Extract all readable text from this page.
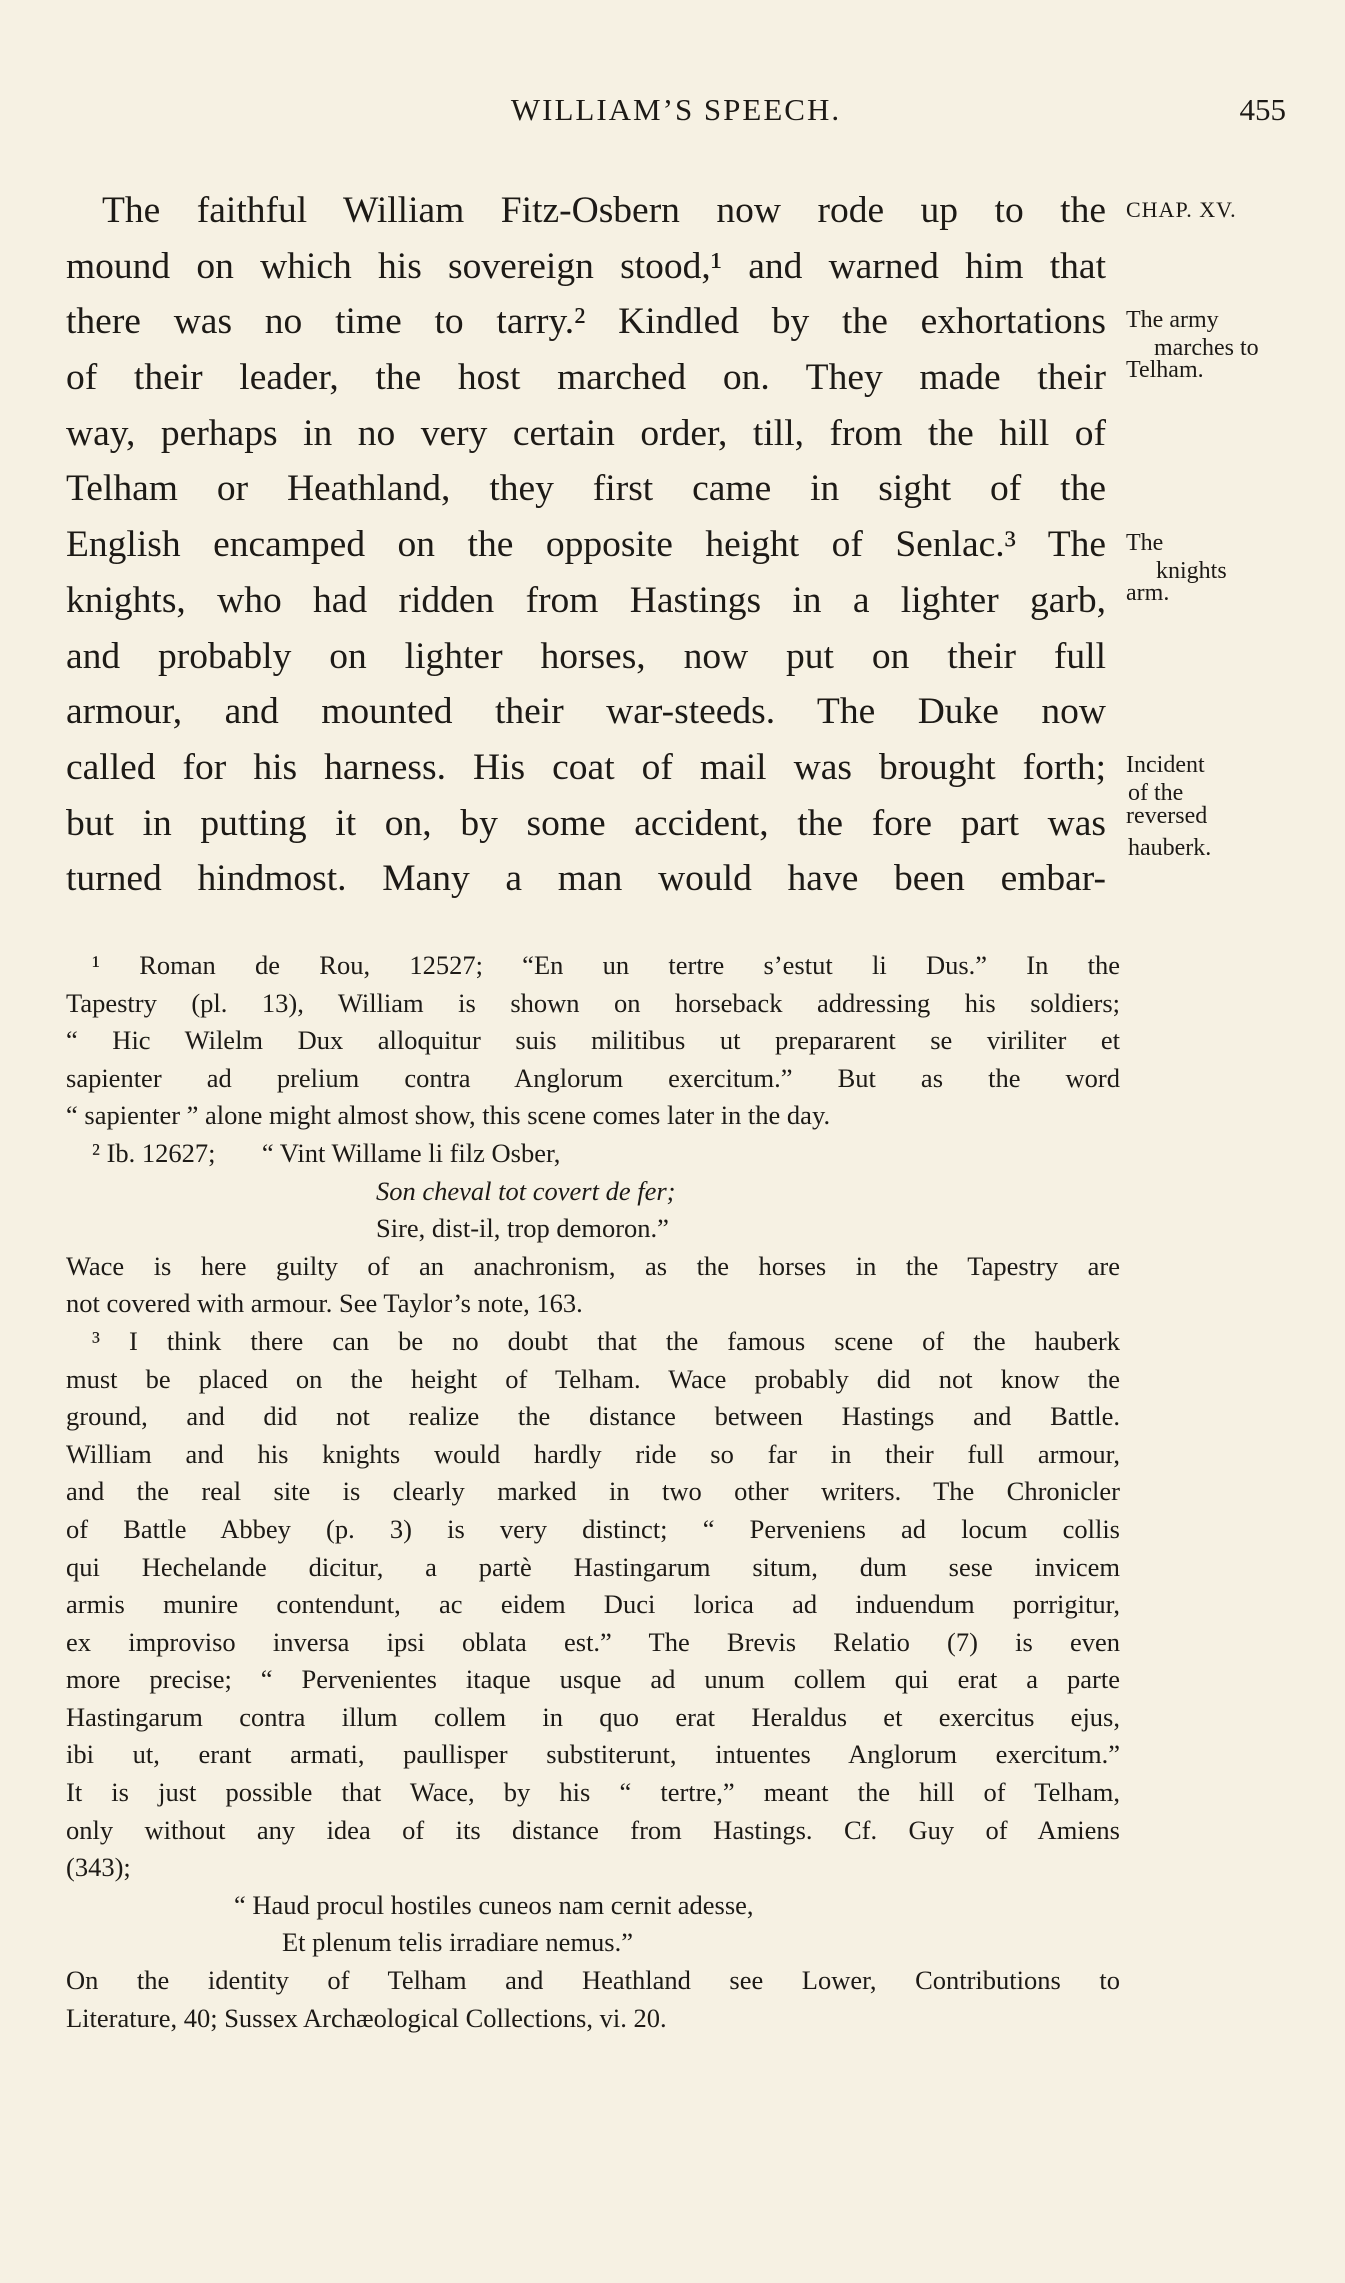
WILLIAM’S SPEECH.	455
The faithful William Fitz-Osbern now rode up to the
mound on which his sovereign stood,¹ and warned him that
there was no time to tarry.² Kindled by the exhortations
of their leader, the host marched on. They made their
way, perhaps in no very certain order, till, from the hill of
Telham or Heathland, they first came in sight of the
English encamped on the opposite height of Senlac.³ The
knights, who had ridden from Hastings in a lighter garb,
and probably on lighter horses, now put on their full
armour, and mounted their war-steeds. The Duke now
called for his harness. His coat of mail was brought forth;
but in putting it on, by some accident, the fore part was
turned hindmost. Many a man would have been embar-
CHAP. XV.
The army
marches to
Telham.
The
knights
arm.
Incident
of the
reversed
hauberk.
¹ Roman de Rou, 12527; “En un tertre s’estut li Dus.” In the
Tapestry (pl. 13), William is shown on horseback addressing his soldiers;
“ Hic Wilelm Dux alloquitur suis militibus ut prepararent se viriliter et
sapienter ad prelium contra Anglorum exercitum.” But as the word
“ sapienter ” alone might almost show, this scene comes later in the day.
² Ib. 12627;       “ Vint Willame li filz Osber,
Son cheval tot covert de fer;
Sire, dist-il, trop demoron.”
Wace is here guilty of an anachronism, as the horses in the Tapestry are
not covered with armour. See Taylor’s note, 163.
³ I think there can be no doubt that the famous scene of the hauberk
must be placed on the height of Telham. Wace probably did not know the
ground, and did not realize the distance between Hastings and Battle.
William and his knights would hardly ride so far in their full armour,
and the real site is clearly marked in two other writers. The Chronicler
of Battle Abbey (p. 3) is very distinct; “ Perveniens ad locum collis
qui Hechelande dicitur, a partè Hastingarum situm, dum sese invicem
armis munire contendunt, ac eidem Duci lorica ad induendum porrigitur,
ex improviso inversa ipsi oblata est.” The Brevis Relatio (7) is even
more precise; “ Pervenientes itaque usque ad unum collem qui erat a parte
Hastingarum contra illum collem in quo erat Heraldus et exercitus ejus,
ibi ut, erant armati, paullisper substiterunt, intuentes Anglorum exercitum.”
It is just possible that Wace, by his “ tertre,” meant the hill of Telham,
only without any idea of its distance from Hastings. Cf. Guy of Amiens
(343);
“ Haud procul hostiles cuneos nam cernit adesse,
Et plenum telis irradiare nemus.”
On the identity of Telham and Heathland see Lower, Contributions to
Literature, 40; Sussex Archæological Collections, vi. 20.
